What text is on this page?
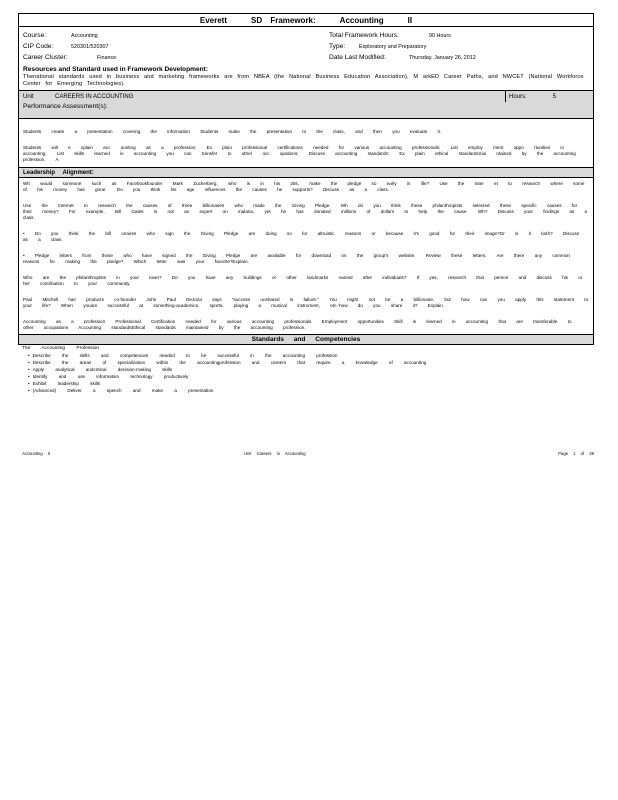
Everett	SD Framework:	Accounting	II
Course:	Accounting
CIP Code:	520301/520307
Career Cluster:	Finance
Total Framework Hours:	90 Hours
Type:	Exploratory and Preparatory
Date Last Modified:	Thursday, January 26, 2012
Resources and Standard used in Framework Development:
Thenational standards used in business and marketing frameworks are from NBEA (the National Business Education Association), M arkED Career Paths, and NWCET (National Workforce Center for Emerging Technologies).
Unit	CAREERS IN ACCOUNTING	Hours:	5
Performance Assessment(s):

Students create a presentation covering the information Students make the presentation to the class, and then you evaluate it.

Students will e xplain acc ounting as a profession; Ex plain professional certifications needed for various accounting professionals; List employ ment oppo rtunities in accounting; List skills learned in accounting you can transfer to other occ upations; Discuss accounting standards; Ex plain ethical standardsmai ntained by the accounting profession. A

Leadership Alignment:

Wh would someone such as Facebookfounder Mark Zuckerberg, who is in his 20s, make the pledge so early in life? Use the Inter et to research where some of his money has gone. Do you think his age influences the causes he supports? Discuss as a class.

Use the Internet to research the causes of three billionaires who made the Giving Pledge. Wh do you think these philanthropists selected these specific causes for their money? For example, Bill Gates is not an expert on malaria, yet he has donated millions of dollars to help the cause. Wh? Discuss your findings as a class.

• Do you think the bill onaires who sign the Giving Pledge are doing so for altruistic reasons or because it's good for their image?Or is it both? Discuss as a class.

• Pledge letters from those who have signed the Giving Pledge are available for download on the group's website. Review these letters. Are there any common reasons for making the pledge? Which letter was your favorite?Explain.

Who are the philanthropists in your town? Do you have any buildings or other landmarks named after individuals? If yes, research that person and discuss his or her contribution to your community.

Paul Mitchell hair products co-founder John Paul DeJoria says "success unshared is failure." You might not be a billionaire, but how can you apply this statement to your life? When youare successful at something-academics, sports, playing a musical instrument, etc.-how do you share it? Explain.

Accounting as a profession Professional Certification needed for various accounting professionals Employment opportunities Skill is learned in accounting that are transferable to other occupations Accounting standardsEthical standards maintained by the accounting profession.

Standards and Competencies
The Accounting Profession
• Describe the skills and competencies needed to be successful in the accounting profession
• Describe the areas of specialization within the accountingprofession and careers that require a knowledge of accounting
• Apply analytical andcritical decision-making skills
• Identify and use information technology productively
• Exhibit leadership skills
• (Advanced) Deliver a speech and make a presentation
Accounting II	Unit Careers in Accounting	Page 1 of 28
